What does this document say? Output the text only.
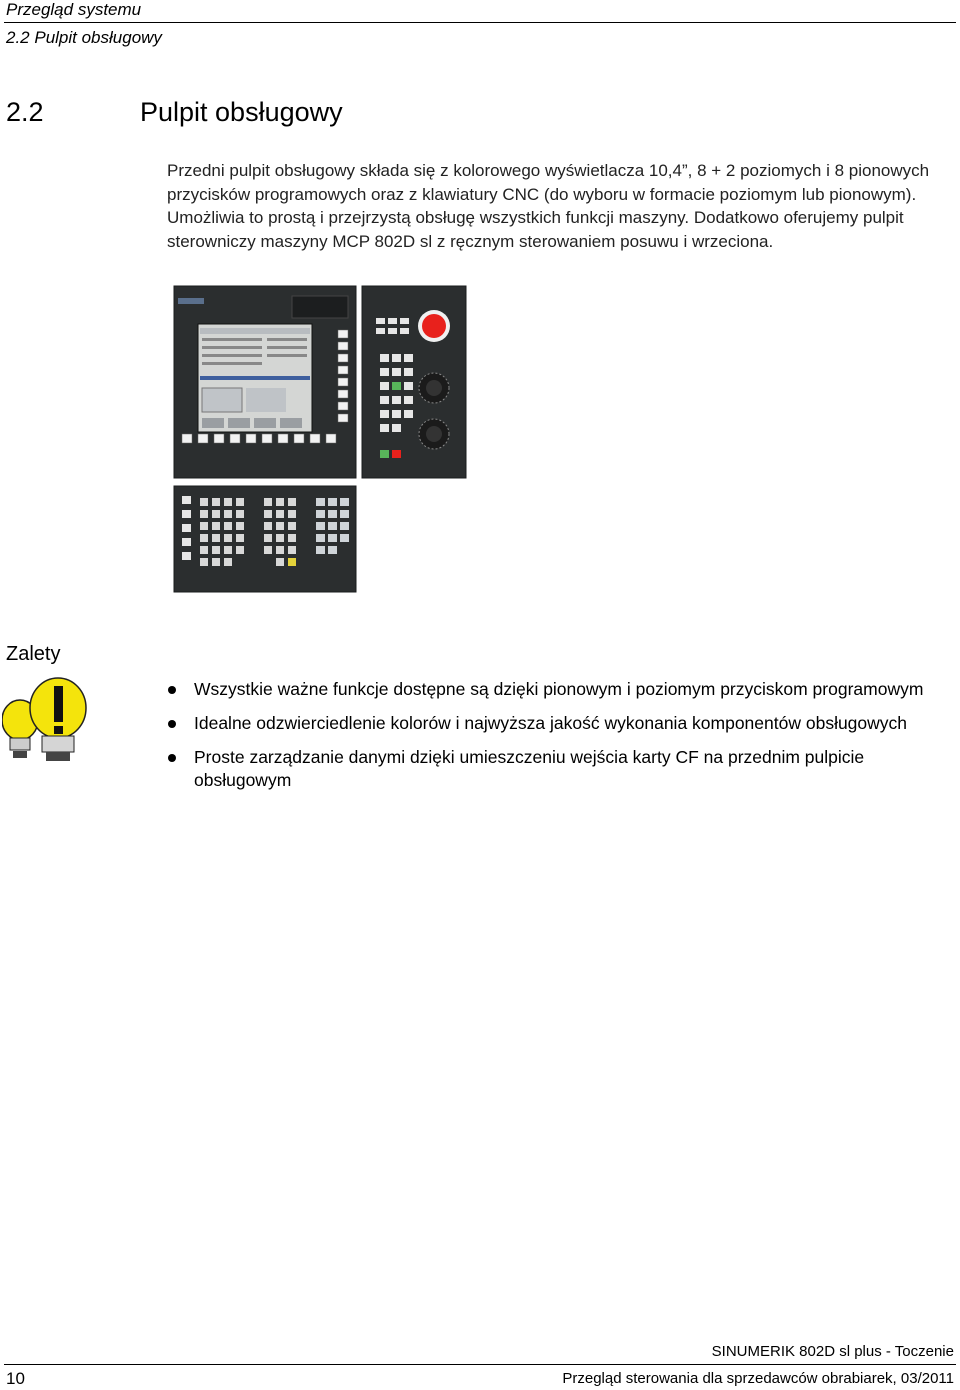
Przegląd systemu
2.2 Pulpit obsługowy
2.2	Pulpit obsługowy

Przedni pulpit obsługowy składa się z kolorowego wyświetlacza 10,4”, 8 + 2 poziomych i 8 pionowych przycisków programowych oraz z klawiatury CNC (do wyboru w formacie poziomym lub pionowym). Umożliwia to prostą i przejrzystą obsługę wszystkich funkcji maszyny. Dodatkowo oferujemy pulpit sterowniczy maszyny MCP 802D sl z ręcznym sterowaniem posuwu i wrzeciona.

Zalety
Wszystkie ważne funkcje dostępne są dzięki pionowym i poziomym przyciskom programowym
Idealne odzwierciedlenie kolorów i najwyższa jakość wykonania komponentów obsługowych
Proste zarządzanie danymi dzięki umieszczeniu wejścia karty CF na przednim pulpicie obsługowym
SINUMERIK 802D sl plus - Toczenie
10	Przegląd sterowania dla sprzedawców obrabiarek, 03/2011
